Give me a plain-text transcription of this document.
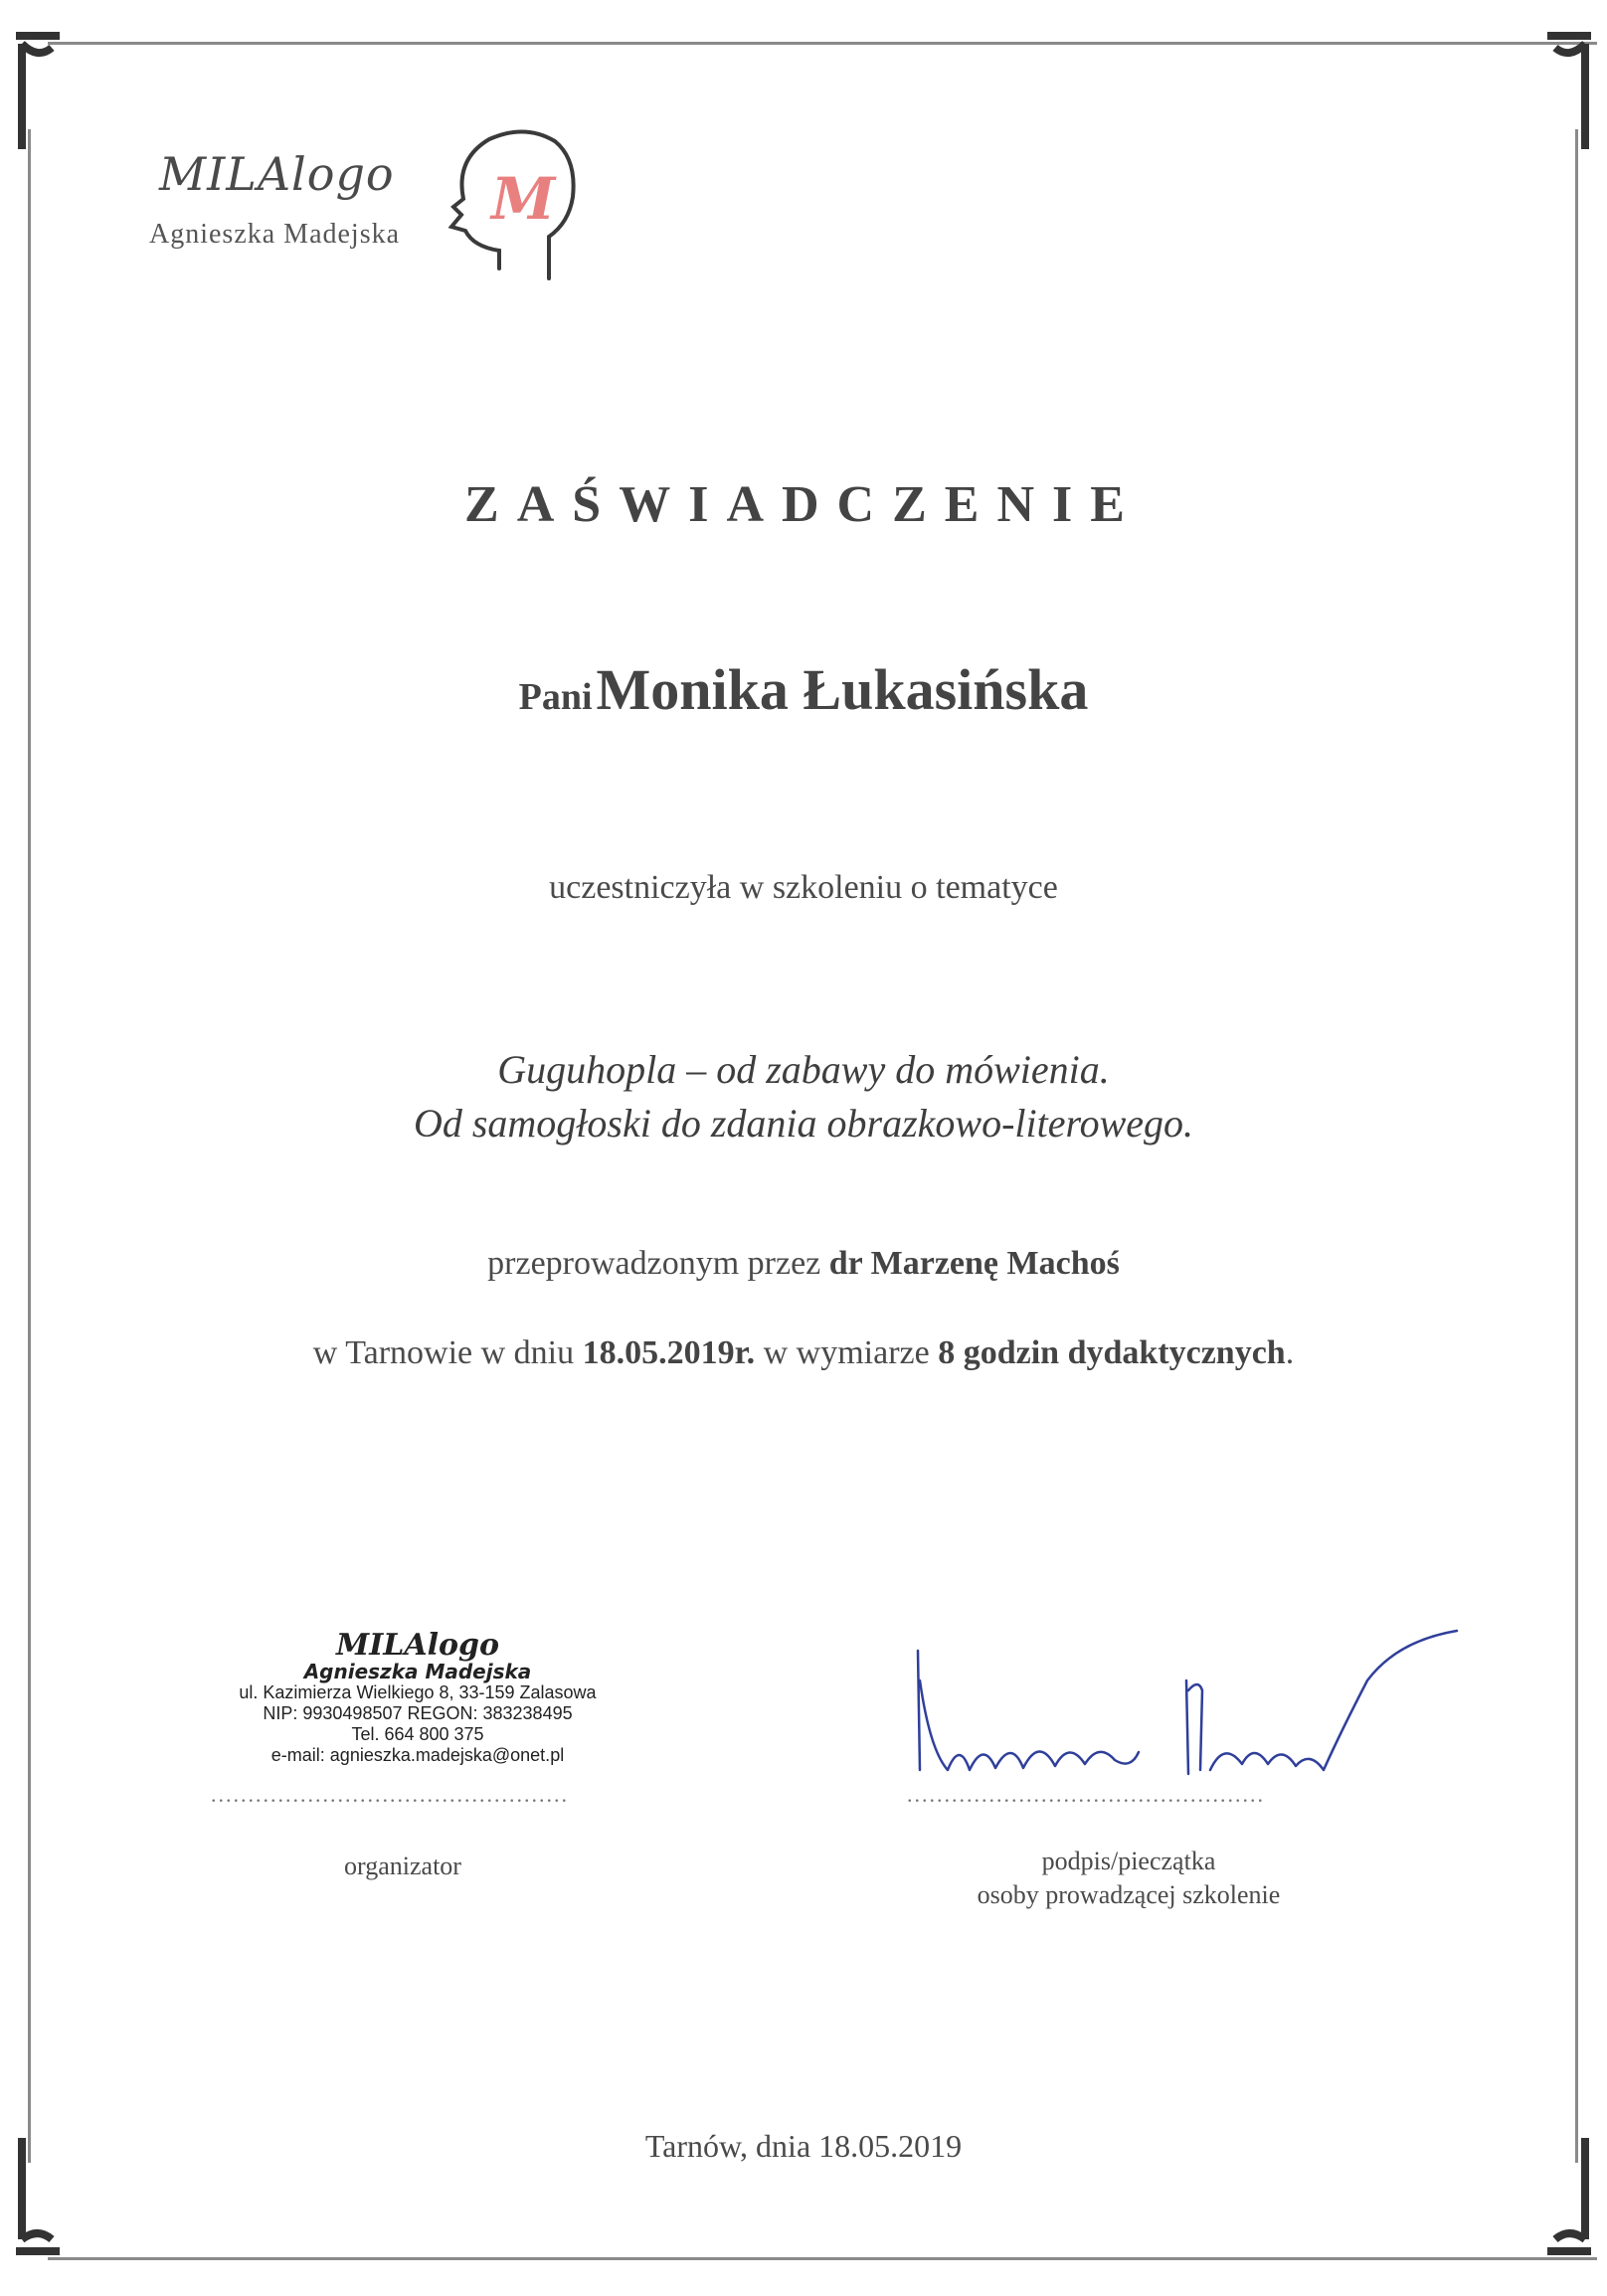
MILAlogo
Agnieszka Madejska
M
ZAŚWIADCZENIE
Pani Monika Łukasińska
uczestniczyła w szkoleniu o tematyce
Guguhopla – od zabawy do mówienia.
Od samogłoski do zdania obrazkowo-literowego.
przeprowadzonym przez dr Marzenę Machoś
w Tarnowie w dniu 18.05.2019r. w wymiarze 8 godzin dydaktycznych.
MILAlogo
Agnieszka Madejska
ul. Kazimierza Wielkiego 8, 33-159 Zalasowa
NIP: 9930498507 REGON: 383238495
Tel. 664 800 375
e-mail: agnieszka.madejska@onet.pl
................................................
organizator
................................................
podpis/pieczątka
osoby prowadzącej szkolenie
Tarnów, dnia 18.05.2019
